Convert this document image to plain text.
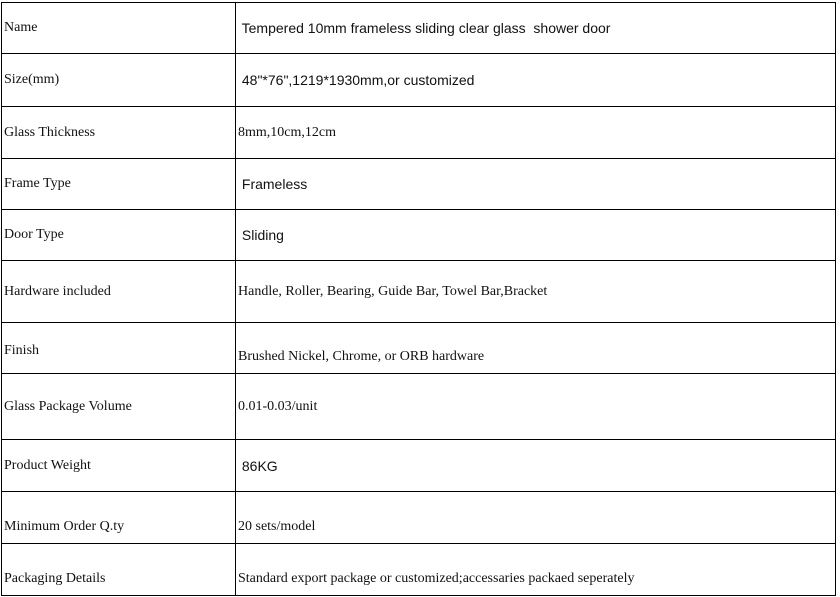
Name	Tempered 10mm frameless sliding clear glass  shower door
Size(mm)	48"*76",1219*1930mm,or customized
Glass Thickness	8mm,10cm,12cm
Frame Type	Frameless
Door Type	Sliding
Hardware included	Handle, Roller, Bearing, Guide Bar, Towel Bar,Bracket
Finish	Brushed Nickel, Chrome, or ORB hardware
Glass Package Volume	0.01-0.03/unit
Product Weight	86KG
Minimum Order Q.ty	20 sets/model
Packaging Details	Standard export package or customized;accessaries packaed seperately
